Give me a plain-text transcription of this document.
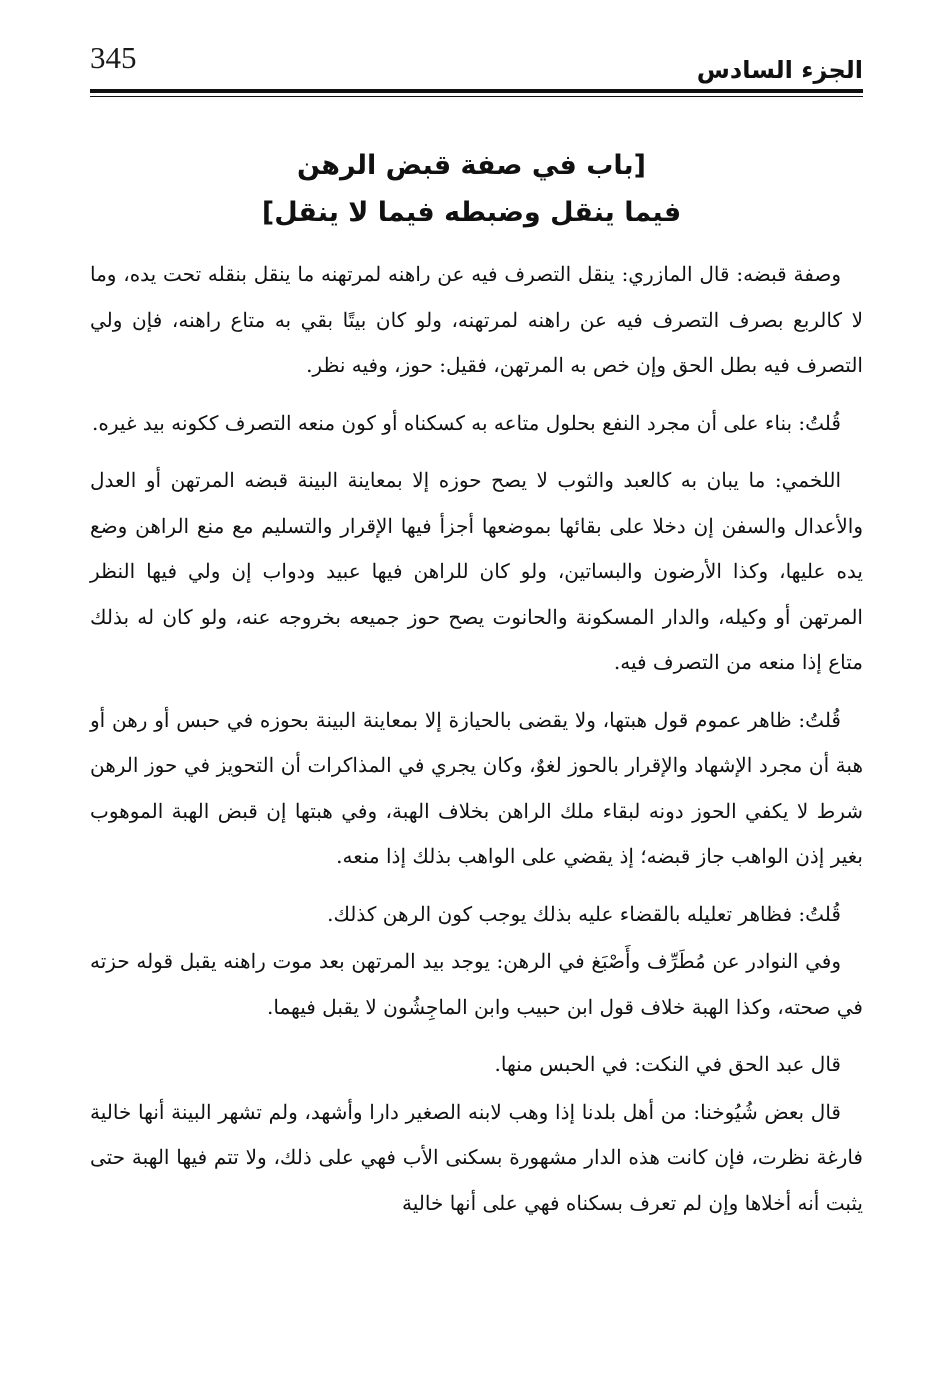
345	الجزء السادس
[باب في صفة قبض الرهن
فيما ينقل وضبطه فيما لا ينقل]

وصفة قبضه: قال المازري: ينقل التصرف فيه عن راهنه لمرتهنه ما ينقل بنقله تحت يده، وما لا كالربع بصرف التصرف فيه عن راهنه لمرتهنه، ولو كان بيتًا بقي به متاع راهنه، فإن ولي التصرف فيه بطل الحق وإن خص به المرتهن، فقيل: حوز، وفيه نظر.

قُلتُ: بناء على أن مجرد النفع بحلول متاعه به كسكناه أو كون منعه التصرف ككونه بيد غيره.

اللخمي: ما يبان به كالعبد والثوب لا يصح حوزه إلا بمعاينة البينة قبضه المرتهن أو العدل والأعدال والسفن إن دخلا على بقائها بموضعها أجزأ فيها الإقرار والتسليم مع منع الراهن وضع يده عليها، وكذا الأرضون والبساتين، ولو كان للراهن فيها عبيد ودواب إن ولي فيها النظر المرتهن أو وكيله، والدار المسكونة والحانوت يصح حوز جميعه بخروجه عنه، ولو كان له بذلك متاع إذا منعه من التصرف فيه.

قُلتُ: ظاهر عموم قول هبتها، ولا يقضى بالحيازة إلا بمعاينة البينة بحوزه في حبس أو رهن أو هبة أن مجرد الإشهاد والإقرار بالحوز لغوٌ، وكان يجري في المذاكرات أن التحويز في حوز الرهن شرط لا يكفي الحوز دونه لبقاء ملك الراهن بخلاف الهبة، وفي هبتها إن قبض الهبة الموهوب بغير إذن الواهب جاز قبضه؛ إذ يقضي على الواهب بذلك إذا منعه.

قُلتُ: فظاهر تعليله بالقضاء عليه بذلك يوجب كون الرهن كذلك.

وفي النوادر عن مُطَرِّف وأَصْبَغ في الرهن: يوجد بيد المرتهن بعد موت راهنه يقبل قوله حزته في صحته، وكذا الهبة خلاف قول ابن حبيب وابن الماجِشُون لا يقبل فيهما.

قال عبد الحق في النكت: في الحبس منها.

قال بعض شُيُوخنا: من أهل بلدنا إذا وهب لابنه الصغير دارا وأشهد، ولم تشهر البينة أنها خالية فارغة نظرت، فإن كانت هذه الدار مشهورة بسكنى الأب فهي على ذلك، ولا تتم فيها الهبة حتى يثبت أنه أخلاها وإن لم تعرف بسكناه فهي على أنها خالية
